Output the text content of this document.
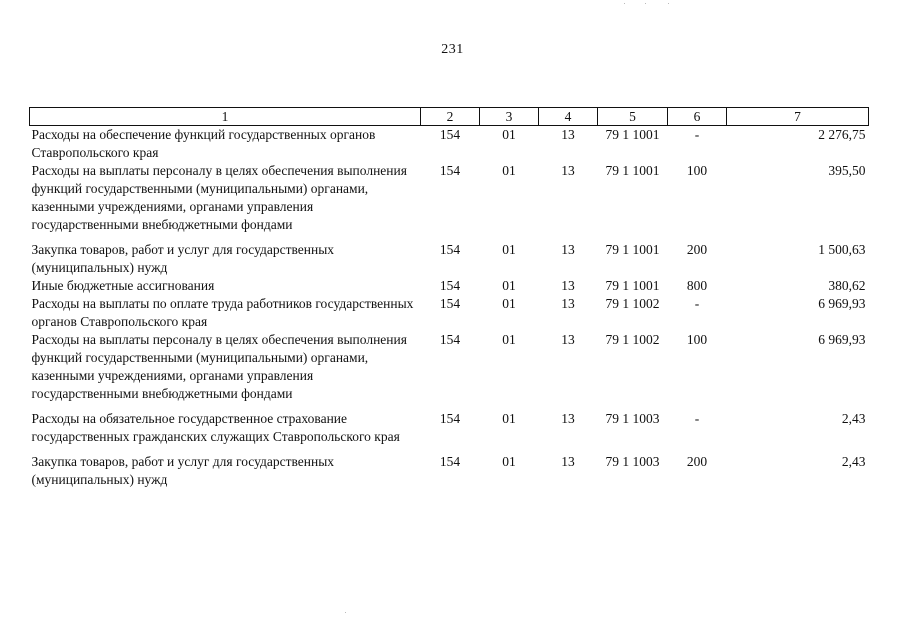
231
1	2	3	4	5	6	7
Расходы на обеспечение функций государственных органов Ставропольского края	154	01	13	79 1 1001	-	2 276,75
Расходы на выплаты персоналу в целях обеспечения выполнения функций государственными (муниципальными) органами, казенными учреждениями, органами управления государственными внебюджетными фондами	154	01	13	79 1 1001	100	395,50
Закупка товаров, работ и услуг для государственных (муниципальных) нужд	154	01	13	79 1 1001	200	1 500,63
Иные бюджетные ассигнования	154	01	13	79 1 1001	800	380,62
Расходы на выплаты по оплате труда работников государственных органов Ставропольского края	154	01	13	79 1 1002	-	6 969,93
Расходы на выплаты персоналу в целях обеспечения выполнения функций государственными (муниципальными) органами, казенными учреждениями, органами управления государственными внебюджетными фондами	154	01	13	79 1 1002	100	6 969,93
Расходы на обязательное государственное страхование государственных гражданских служащих Ставропольского края	154	01	13	79 1 1003	-	2,43
Закупка товаров, работ и услуг для государственных (муниципальных) нужд	154	01	13	79 1 1003	200	2,43
